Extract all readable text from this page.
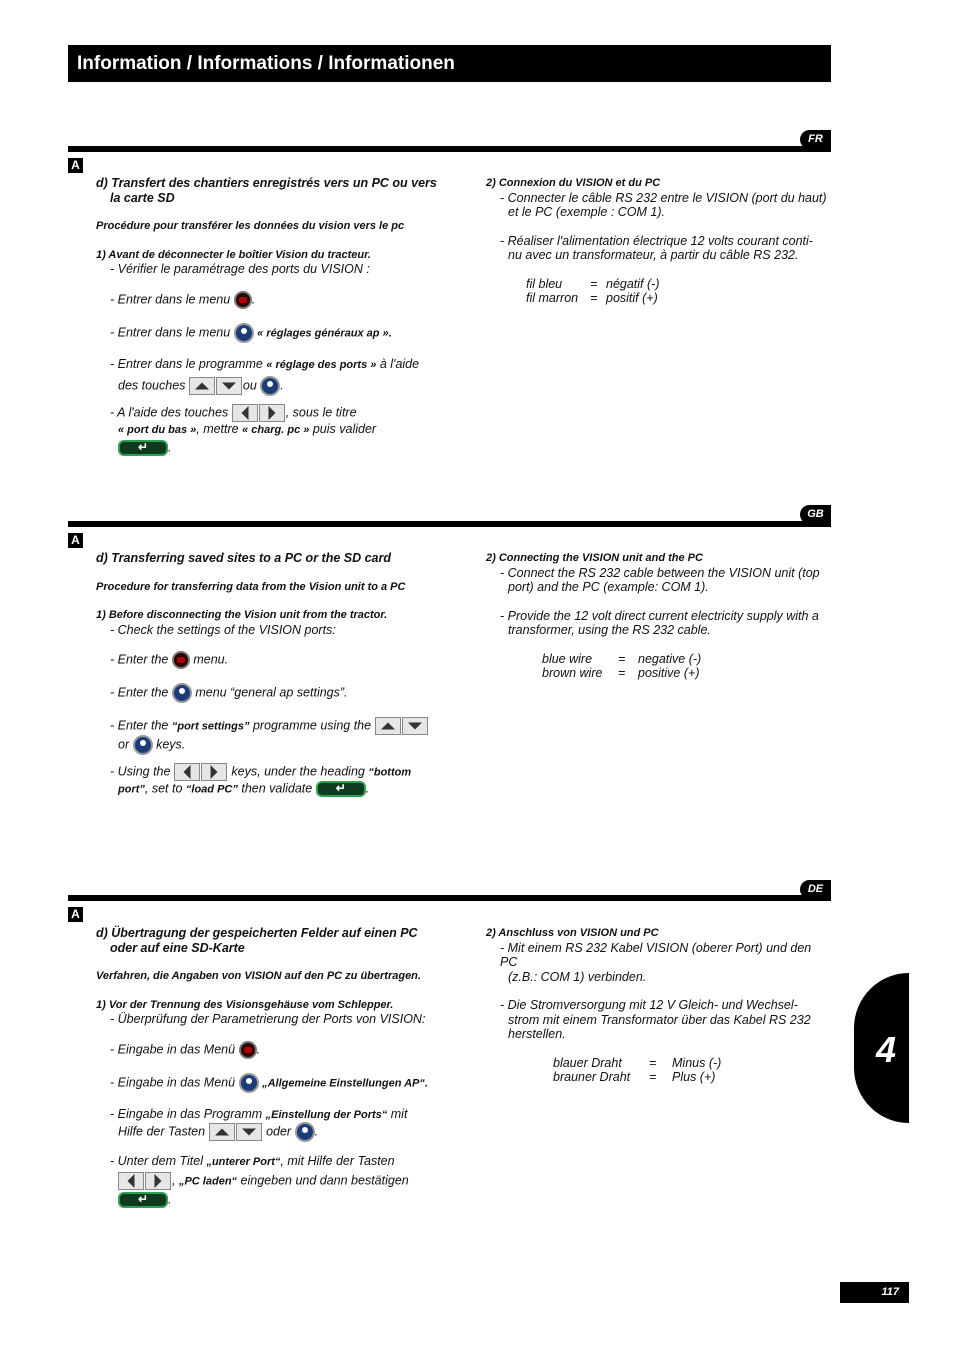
Information / Informations / Informationen
FR
A

d) Transfert des chantiers enregistrés vers un PC ou vers

la carte SD

Procédure pour transférer les données du vision vers le pc

1) Avant de déconnecter le boîtier Vision du tracteur.

- Vérifier le paramétrage des ports du VISION :

- Entrer dans le menu .

- Entrer dans le menu « réglages généraux ap ».

- Entrer dans le programme « réglage des ports » à l'aide

des touches	ou .

- A l'aide des touches	, sous le titre

« port du bas », mettre « charg. pc » puis valider

↵ .

2) Connexion du VISION et du PC

- Connecter le câble RS 232 entre le VISION (port du haut)

et le PC (exemple : COM 1).

- Réaliser l'alimentation électrique 12 volts courant conti-

nu avec un transformateur, à partir du câble RS 232.

fil bleu	= négatif (-)
fil marron = positif (+)
GB
A

d) Transferring saved sites to a PC or the SD card

Procedure for transferring data from the Vision unit to a PC

1) Before disconnecting the Vision unit from the tractor.

- Check the settings of the VISION ports:

- Enter the menu.

- Enter the menu “general ap settings”.

- Enter the “port settings” programme using the

or keys.

- Using the	keys, under the heading “bottom

port”, set to “load PC” then validate ↵ .

2) Connecting the VISION unit and the PC

- Connect the RS 232 cable between the VISION unit (top

port) and the PC (example: COM 1).

- Provide the 12 volt direct current electricity supply with a

transformer, using the RS 232 cable.

blue wire	=	negative (-)
brown wire	=	positive (+)
DE
A

d) Übertragung der gespeicherten Felder auf einen PC

oder auf eine SD-Karte

Verfahren, die Angaben von VISION auf den PC zu übertragen.

1) Vor der Trennung des Visionsgehäuse vom Schlepper.

- Überprüfung der Parametrierung der Ports von VISION:

- Eingabe in das Menü .

- Eingabe in das Menü „Allgemeine Einstellungen AP“.

- Eingabe in das Programm „Einstellung der Ports“ mit

Hilfe der Tasten	oder .

- Unter dem Titel „unterer Port“, mit Hilfe der Tasten

, „PC laden“ eingeben und dann bestätigen

↵ .

2) Anschluss von VISION und PC

- Mit einem RS 232 Kabel VISION (oberer Port) und den PC

(z.B.: COM 1) verbinden.

- Die Stromversorgung mit 12 V Gleich- und Wechsel-

strom mit einem Transformator über das Kabel RS 232

herstellen.

blauer Draht	=	Minus (-)
brauner Draht	=	Plus (+)
4
117
